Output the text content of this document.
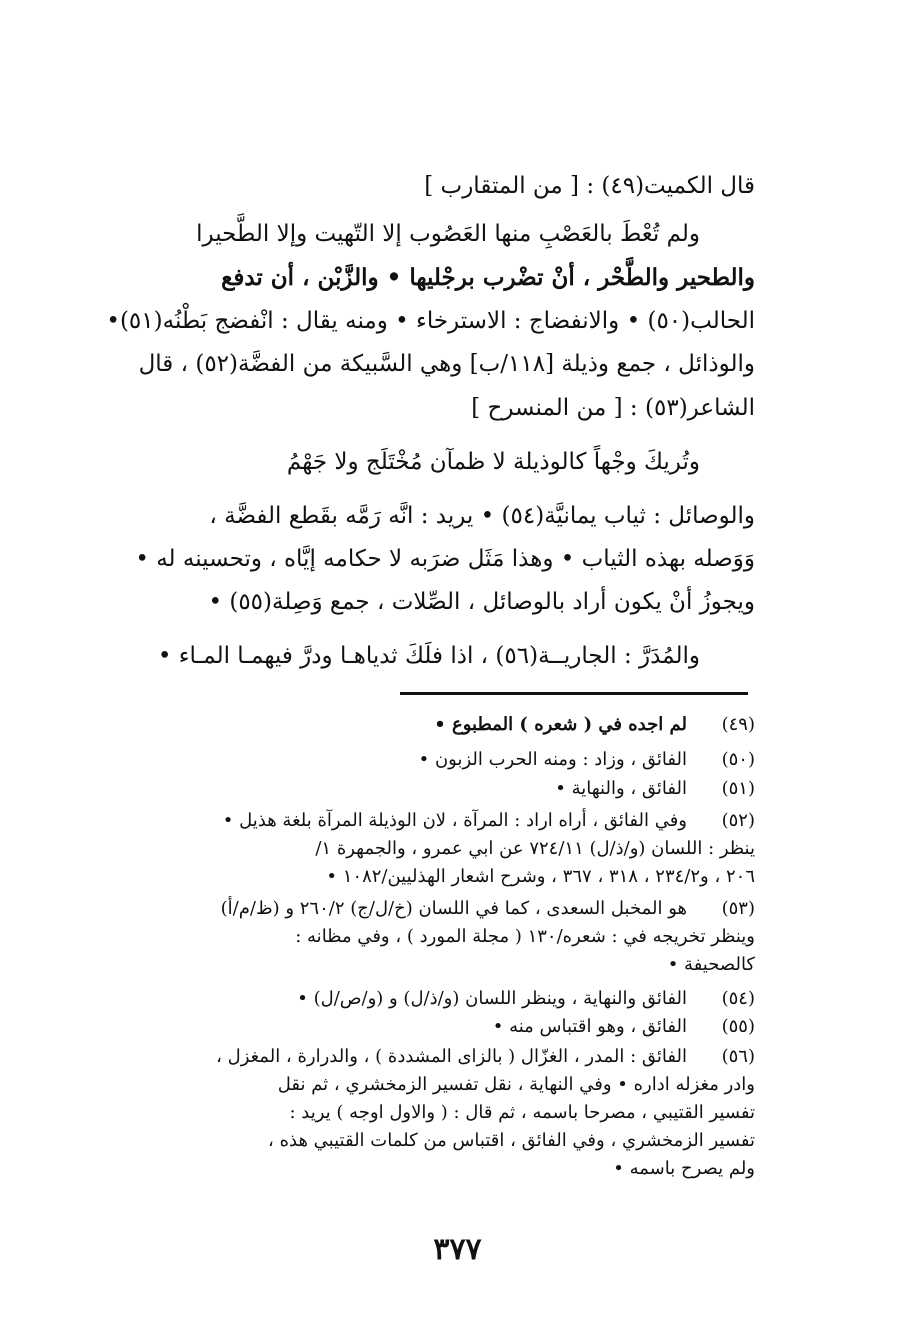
قال الكميت(٤٩) : [ من المتقارب ]
ولم تُعْطَ بالعَصْبِ منها العَصُوب إلا التّهيت وإلا الطَّحيرا
والطحير والطَّحْر ، أنْ تضْرب برجْليها • والزَّبْن ، أن تدفع
الحالب(٥٠) • والانفضاج : الاسترخاء • ومنه يقال : انْفضج بَطْنُه(٥١)•
والوذائل ، جمع وذيلة [١١٨/ب] وهي السَّبيكة من الفضَّة(٥٢) ، قال
الشاعر(٥٣) : [ من المنسرح ]
وتُريكَ وجْهاً كالوذيلة لا ظمآن مُخْتَلَج ولا جَهْمُ
والوصائل : ثياب يمانيَّة(٥٤) • يريد : انَّه رَمَّه بقَطع الفضَّة ،
وَوَصله بهذه الثياب • وهذا مَثَل ضرَبه لا حكامه إيَّاه ، وتحسينه له •
ويجوزُ أنْ يكون أراد بالوصائل ، الصِّلات ، جمع وَصِلة(٥٥) •
والمُدَرَّ : الجاريــة(٥٦) ، اذا فلَكَ ثدياهـا ودرَّ فيهمـا المـاء •
(٤٩)
لم اجده في ( شعره ) المطبوع •
(٥٠)
الفائق ، وزاد : ومنه الحرب الزبون •
(٥١)
الفائق ، والنهاية •
(٥٢)
وفي الفائق ، أراه اراد : المرآة ، لان الوذيلة المرآة بلغة هذيل •
ينظر : اللسان (و/ذ/ل) ٧٢٤/١١ عن ابي عمرو ، والجمهرة ١/
٢٠٦ ، و٢٣٤/٢ ، ٣١٨ ، ٣٦٧ ، وشرح اشعار الهذليين/١٠٨٢ •
(٥٣)
هو المخبل السعدى ، كما في اللسان (خ/ل/ج) ٢٦٠/٢ و (ظ/م/أ)
وينظر تخريجه في : شعره/١٣٠ ( مجلة المورد ) ، وفي مظانه :
كالصحيفة •
(٥٤)
الفائق والنهاية ، وينظر اللسان (و/ذ/ل) و (و/ص/ل) •
(٥٥)
الفائق ، وهو اقتباس منه •
(٥٦)
الفائق : المدر ، الغزّال ( بالزاى المشددة ) ، والدرارة ، المغزل ،
وادر مغزله اداره • وفي النهاية ، نقل تفسير الزمخشري ، ثم نقل
تفسير القتيبي ، مصرحا باسمه ، ثم قال : ( والاول اوجه ) يريد :
تفسير الزمخشري ، وفي الفائق ، اقتباس من كلمات القتيبي هذه ،
ولم يصرح باسمه •
٣٧٧
